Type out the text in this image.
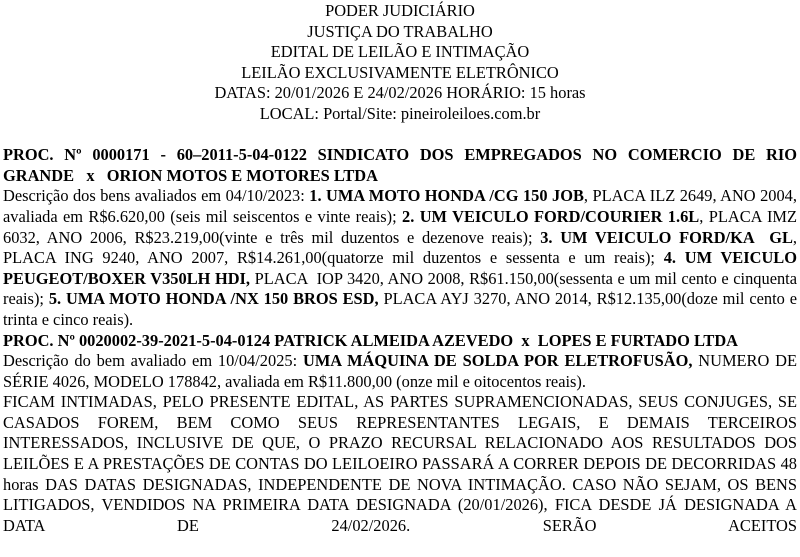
PODER JUDICIÁRIO
JUSTIÇA DO TRABALHO
EDITAL DE LEILÃO E INTIMAÇÃO
LEILÃO EXCLUSIVAMENTE ELETRÔNICO
DATAS: 20/01/2026 E 24/02/2026 HORÁRIO: 15 horas
LOCAL: Portal/Site: pineiroleiloes.com.br

PROC. Nº 0000171 - 60–2011-5-04-0122 SINDICATO DOS EMPREGADOS NO COMERCIO DE RIO GRANDE   x   ORION MOTOS E MOTORES LTDA

Descrição dos bens avaliados em 04/10/2023: 1. UMA MOTO HONDA /CG 150 JOB, PLACA ILZ 2649, ANO 2004, avaliada em R$6.620,00 (seis mil seiscentos e vinte reais); 2. UM VEICULO FORD/COURIER 1.6L, PLACA IMZ 6032, ANO 2006, R$23.219,00(vinte e três mil duzentos e dezenove reais); 3. UM VEICULO FORD/KA  GL, PLACA ING 9240, ANO 2007, R$14.261,00(quatorze mil duzentos e sessenta e um reais); 4. UM VEICULO PEUGEOT/BOXER V350LH HDI, PLACA  IOP 3420, ANO 2008, R$61.150,00(sessenta e um mil cento e cinquenta reais); 5. UMA MOTO HONDA /NX 150 BROS ESD, PLACA AYJ 3270, ANO 2014, R$12.135,00(doze mil cento e trinta e cinco reais).

PROC. Nº 0020002-39-2021-5-04-0124 PATRICK ALMEIDA AZEVEDO  x  LOPES E FURTADO LTDA

Descrição do bem avaliado em 10/04/2025: UMA MÁQUINA DE SOLDA POR ELETROFUSÃO, NUMERO DE SÉRIE 4026, MODELO 178842, avaliada em R$11.800,00 (onze mil e oitocentos reais).

FICAM INTIMADAS, PELO PRESENTE EDITAL, AS PARTES SUPRAMENCIONADAS, SEUS CONJUGES, SE CASADOS FOREM, BEM COMO SEUS REPRESENTANTES LEGAIS, E DEMAIS TERCEIROS INTERESSADOS, INCLUSIVE DE QUE, O PRAZO RECURSAL RELACIONADO AOS RESULTADOS DOS LEILÕES E A PRESTAÇÕES DE CONTAS DO LEILOEIRO PASSARÁ A CORRER DEPOIS DE DECORRIDAS 48 horas DAS DATAS DESIGNADAS, INDEPENDENTE DE NOVA INTIMAÇÃO. CASO NÃO SEJAM, OS BENS LITIGADOS, VENDIDOS NA PRIMEIRA DATA DESIGNADA (20/01/2026), FICA DESDE JÁ DESIGNADA A DATA DE 24/02/2026. SERÃO ACEITOS
